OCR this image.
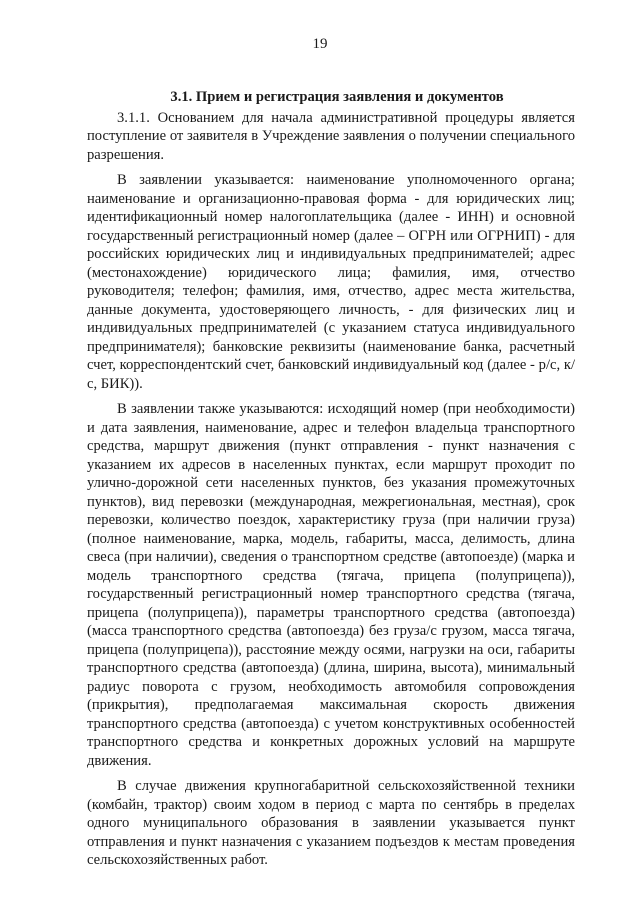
19
3.1. Прием и регистрация заявления и документов

3.1.1. Основанием для начала административной процедуры является поступление от заявителя в Учреждение заявления о получении специального разрешения.

В заявлении указывается: наименование уполномоченного органа; наименование и организационно-правовая форма - для юридических лиц; идентификационный номер налогоплательщика (далее - ИНН) и основной государственный регистрационный номер (далее – ОГРН или ОГРНИП) - для российских юридических лиц и индивидуальных предпринимателей; адрес (местонахождение) юридического лица; фамилия, имя, отчество руководителя; телефон; фамилия, имя, отчество, адрес места жительства, данные документа, удостоверяющего личность, - для физических лиц и индивидуальных предпринимателей (с указанием статуса индивидуального предпринимателя); банковские реквизиты (наименование банка, расчетный счет, корреспондентский счет, банковский индивидуальный код (далее - р/с, к/с, БИК)).

В заявлении также указываются: исходящий номер (при необходимости) и дата заявления, наименование, адрес и телефон владельца транспортного средства, маршрут движения (пункт отправления - пункт назначения с указанием их адресов в населенных пунктах, если маршрут проходит по улично-дорожной сети населенных пунктов, без указания промежуточных пунктов), вид перевозки (международная, межрегиональная, местная), срок перевозки, количество поездок, характеристику груза (при наличии груза) (полное наименование, марка, модель, габариты, масса, делимость, длина свеса (при наличии), сведения о транспортном средстве (автопоезде) (марка и модель транспортного средства (тягача, прицепа (полуприцепа)), государственный регистрационный номер транспортного средства (тягача, прицепа (полуприцепа)), параметры транспортного средства (автопоезда) (масса транспортного средства (автопоезда) без груза/с грузом, масса тягача, прицепа (полуприцепа)), расстояние между осями, нагрузки на оси, габариты транспортного средства (автопоезда) (длина, ширина, высота), минимальный радиус поворота с грузом, необходимость автомобиля сопровождения (прикрытия), предполагаемая максимальная скорость движения транспортного средства (автопоезда) с учетом конструктивных особенностей транспортного средства и конкретных дорожных условий на маршруте движения.

В случае движения крупногабаритной сельскохозяйственной техники (комбайн, трактор) своим ходом в период с марта по сентябрь в пределах одного муниципального образования в заявлении указывается пункт отправления и пункт назначения с указанием подъездов к местам проведения сельскохозяйственных работ.
